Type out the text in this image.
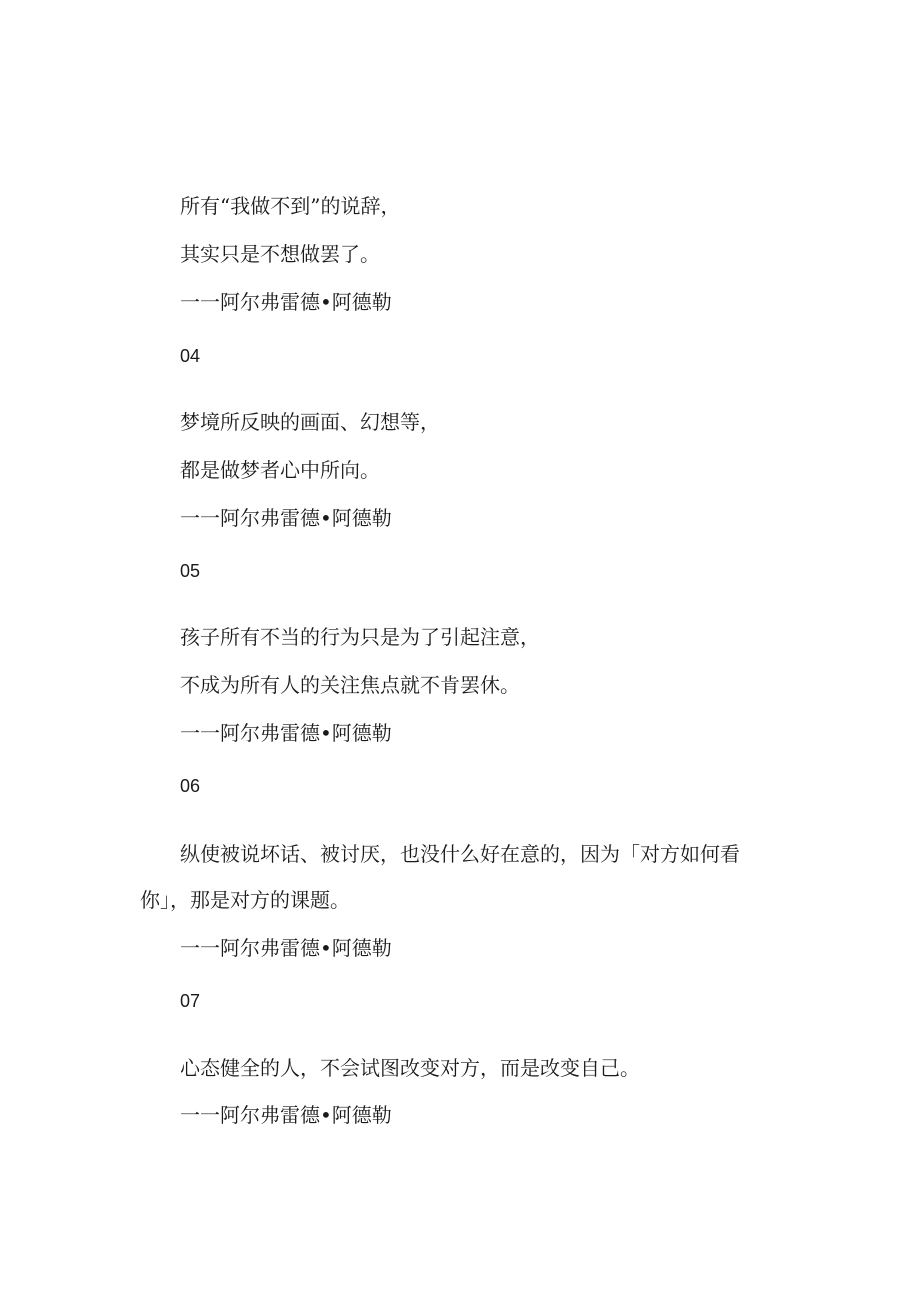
所有“我做不到”的说辞，
其实只是不想做罢了。
一一阿尔弗雷德•阿德勒
04
梦境所反映的画面、幻想等，
都是做梦者心中所向。
一一阿尔弗雷德•阿德勒
05
孩子所有不当的行为只是为了引起注意，
不成为所有人的关注焦点就不肯罢休。
一一阿尔弗雷德•阿德勒
06
纵使被说坏话、被讨厌，也没什么好在意的，因为「对方如何看
你」，那是对方的课题。
一一阿尔弗雷德•阿德勒
07
心态健全的人，不会试图改变对方，而是改变自己。
一一阿尔弗雷德•阿德勒
